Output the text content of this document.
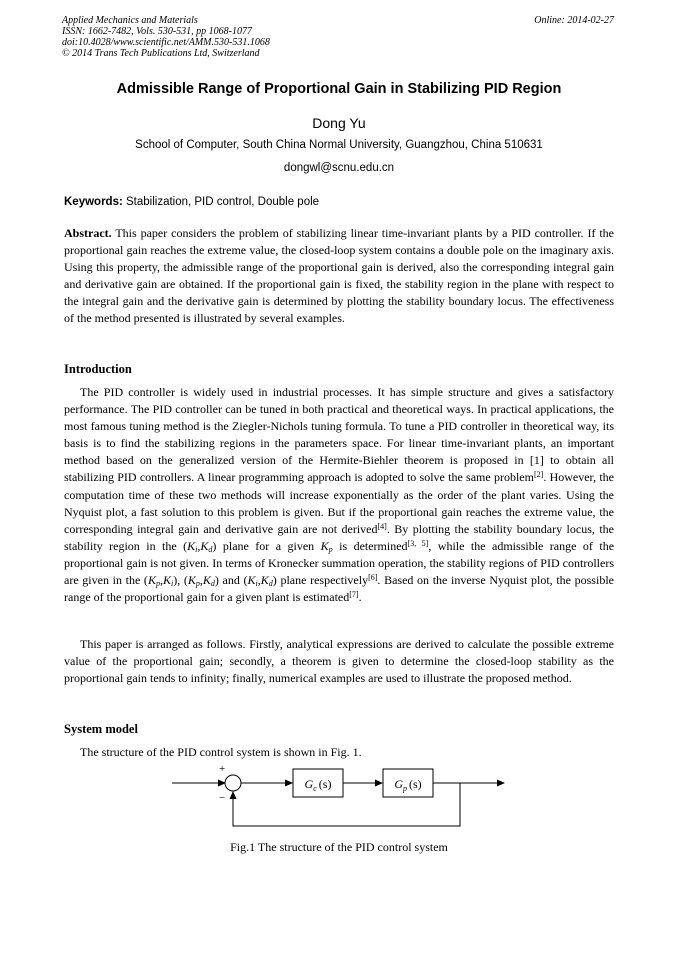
Applied Mechanics and Materials
ISSN: 1662-7482, Vols. 530-531, pp 1068-1077
doi:10.4028/www.scientific.net/AMM.530-531.1068
© 2014 Trans Tech Publications Ltd, Switzerland
Online: 2014-02-27
Admissible Range of Proportional Gain in Stabilizing PID Region
Dong Yu
School of Computer, South China Normal University, Guangzhou, China 510631
dongwl@scnu.edu.cn
Keywords: Stabilization, PID control, Double pole
Abstract. This paper considers the problem of stabilizing linear time-invariant plants by a PID controller. If the proportional gain reaches the extreme value, the closed-loop system contains a double pole on the imaginary axis. Using this property, the admissible range of the proportional gain is derived, also the corresponding integral gain and derivative gain are obtained. If the proportional gain is fixed, the stability region in the plane with respect to the integral gain and the derivative gain is determined by plotting the stability boundary locus. The effectiveness of the method presented is illustrated by several examples.
Introduction
The PID controller is widely used in industrial processes. It has simple structure and gives a satisfactory performance. The PID controller can be tuned in both practical and theoretical ways. In practical applications, the most famous tuning method is the Ziegler-Nichols tuning formula. To tune a PID controller in theoretical way, its basis is to find the stabilizing regions in the parameters space. For linear time-invariant plants, an important method based on the generalized version of the Hermite-Biehler theorem is proposed in [1] to obtain all stabilizing PID controllers. A linear programming approach is adopted to solve the same problem[2]. However, the computation time of these two methods will increase exponentially as the order of the plant varies. Using the Nyquist plot, a fast solution to this problem is given. But if the proportional gain reaches the extreme value, the corresponding integral gain and derivative gain are not derived[4]. By plotting the stability boundary locus, the stability region in the $(K_i,K_d)$ plane for a given $K_p$ is determined[3, 5], while the admissible range of the proportional gain is not given. In terms of Kronecker summation operation, the stability regions of PID controllers are given in the $(K_p,K_i)$, $(K_p,K_d)$ and $(K_i,K_d)$ plane respectively[6]. Based on the inverse Nyquist plot, the possible range of the proportional gain for a given plant is estimated[7].
This paper is arranged as follows. Firstly, analytical expressions are derived to calculate the possible extreme value of the proportional gain; secondly, a theorem is given to determine the closed-loop stability as the proportional gain tends to infinity; finally, numerical examples are used to illustrate the proposed method.
System model
The structure of the PID control system is shown in Fig. 1.
+
−
$G_c$ (s)	$G_p$ (s)
Fig.1 The structure of the PID control system
